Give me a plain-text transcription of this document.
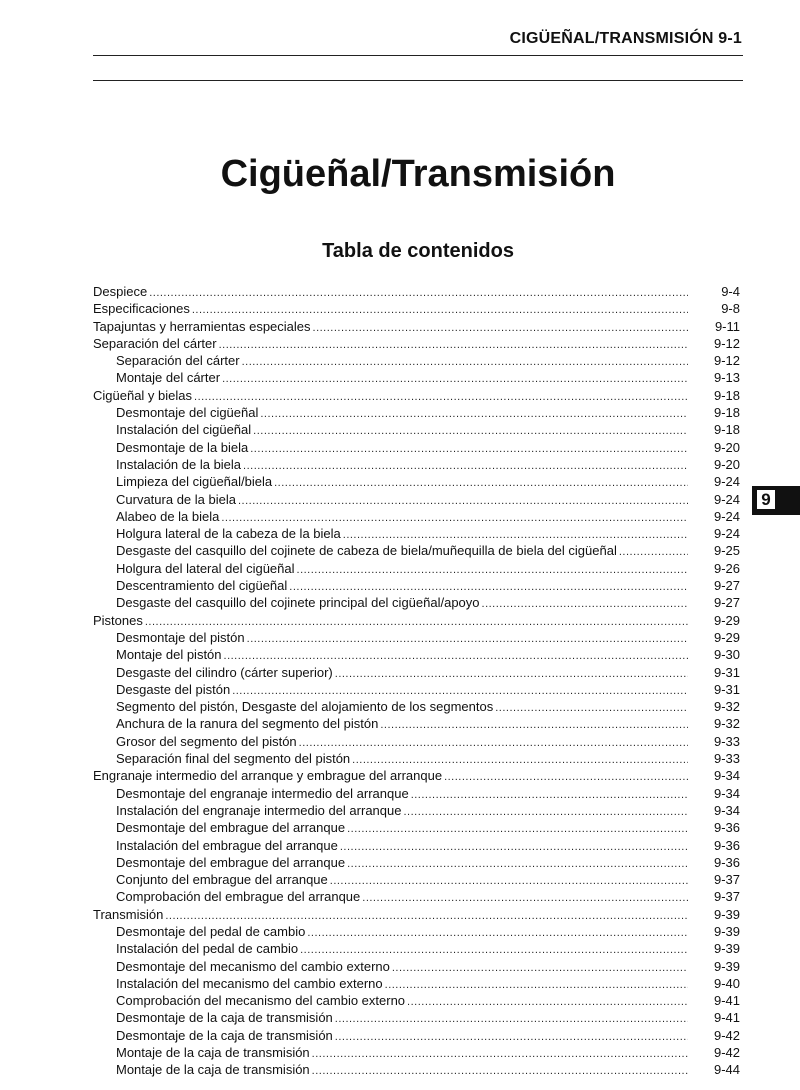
CIGÜEÑAL/TRANSMISIÓN 9-1
Cigüeñal/Transmisión
Tabla de contenidos
Despiece .....	9-4
Especificaciones .....	9-8
Tapajuntas y herramientas especiales .....	9-11
Separación del cárter .....	9-12
Separación del cárter .....	9-12
Montaje del cárter .....	9-13
Cigüeñal y bielas .....	9-18
Desmontaje del cigüeñal .....	9-18
Instalación del cigüeñal .....	9-18
Desmontaje de la biela .....	9-20
Instalación de la biela .....	9-20
Limpieza del cigüeñal/biela .....	9-24
Curvatura de la biela .....	9-24
Alabeo de la biela .....	9-24
Holgura lateral de la cabeza de la biela .....	9-24
Desgaste del casquillo del cojinete de cabeza de biela/muñequilla de biela del cigüeñal .....	9-25
Holgura del lateral del cigüeñal .....	9-26
Descentramiento del cigüeñal .....	9-27
Desgaste del casquillo del cojinete principal del cigüeñal/apoyo .....	9-27
Pistones .....	9-29
Desmontaje del pistón .....	9-29
Montaje del pistón .....	9-30
Desgaste del cilindro (cárter superior) .....	9-31
Desgaste del pistón .....	9-31
Segmento del pistón, Desgaste del alojamiento de los segmentos .....	9-32
Anchura de la ranura del segmento del pistón .....	9-32
Grosor del segmento del pistón .....	9-33
Separación final del segmento del pistón .....	9-33
Engranaje intermedio del arranque y embrague del arranque .....	9-34
Desmontaje del engranaje intermedio del arranque .....	9-34
Instalación del engranaje intermedio del arranque .....	9-34
Desmontaje del embrague del arranque .....	9-36
Instalación del embrague del arranque .....	9-36
Desmontaje del embrague del arranque .....	9-36
Conjunto del embrague del arranque .....	9-37
Comprobación del embrague del arranque .....	9-37
Transmisión .....	9-39
Desmontaje del pedal de cambio .....	9-39
Instalación del pedal de cambio .....	9-39
Desmontaje del mecanismo del cambio externo .....	9-39
Instalación del mecanismo del cambio externo .....	9-40
Comprobación del mecanismo del cambio externo .....	9-41
Desmontaje de la caja de transmisión .....	9-41
Desmontaje de la caja de transmisión .....	9-42
Montaje de la caja de transmisión .....	9-42
Montaje de la caja de transmisión .....	9-44
9
